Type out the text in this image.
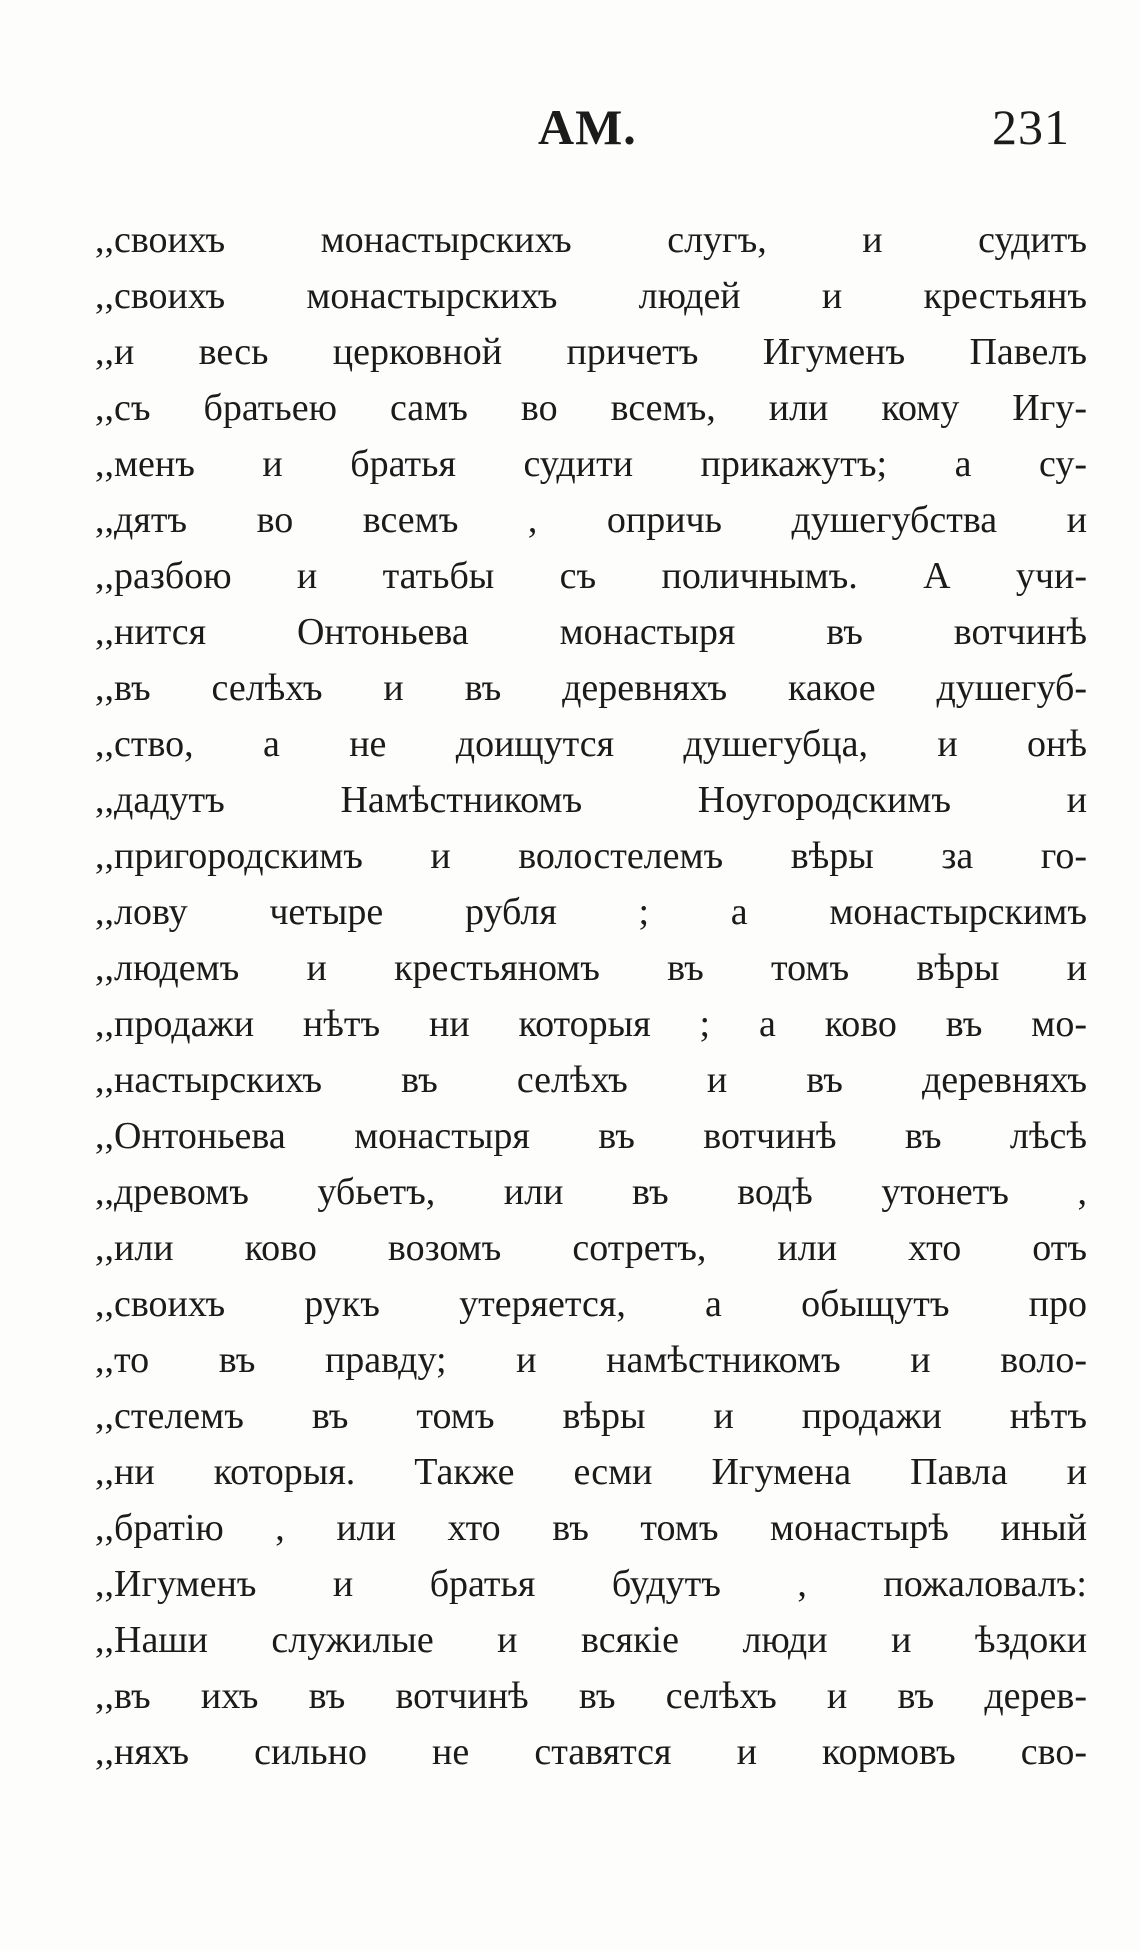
АМ.	231
,,своихъ монастырскихъ слугъ, и судитъ
,,своихъ монастырскихъ людей и крестьянъ
,,и весь церковной причетъ Игуменъ Павелъ
,,съ братьею самъ во всемъ, или кому Игу-
,,менъ и братья судити прикажутъ; а су-
,,дятъ во всемъ , опричь душегубства и
,,разбою и татьбы съ поличнымъ. А учи-
,,нится Онтоньева монастыря въ вотчинѣ
,,въ селѣхъ и въ деревняхъ какое душегуб-
,,ство, а не доищутся душегубца, и онѣ
,,дадутъ Намѣстникомъ Ноугородскимъ и
,,пригородскимъ и волостелемъ вѣры за го-
,,лову четыре рубля ; а монастырскимъ
,,людемъ и крестьяномъ въ томъ вѣры и
,,продажи нѣтъ ни которыя ; а ково въ мо-
,,настырскихъ въ селѣхъ и въ деревняхъ
,,Онтоньева монастыря въ вотчинѣ въ лѣсѣ
,,древомъ убьетъ, или въ водѣ утонетъ ,
,,или ково возомъ сотретъ, или хто отъ
,,своихъ рукъ утеряется, а обыщутъ про
,,то въ правду; и намѣстникомъ и воло-
,,стелемъ въ томъ вѣры и продажи нѣтъ
,,ни которыя. Также есми Игумена Павла и
,,братію , или хто въ томъ монастырѣ иный
,,Игуменъ и братья будутъ , пожаловалъ:
,,Наши служилые и всякіе люди и ѣздоки
,,въ ихъ въ вотчинѣ въ селѣхъ и въ дерев-
,,няхъ сильно не ставятся и кормовъ сво-
